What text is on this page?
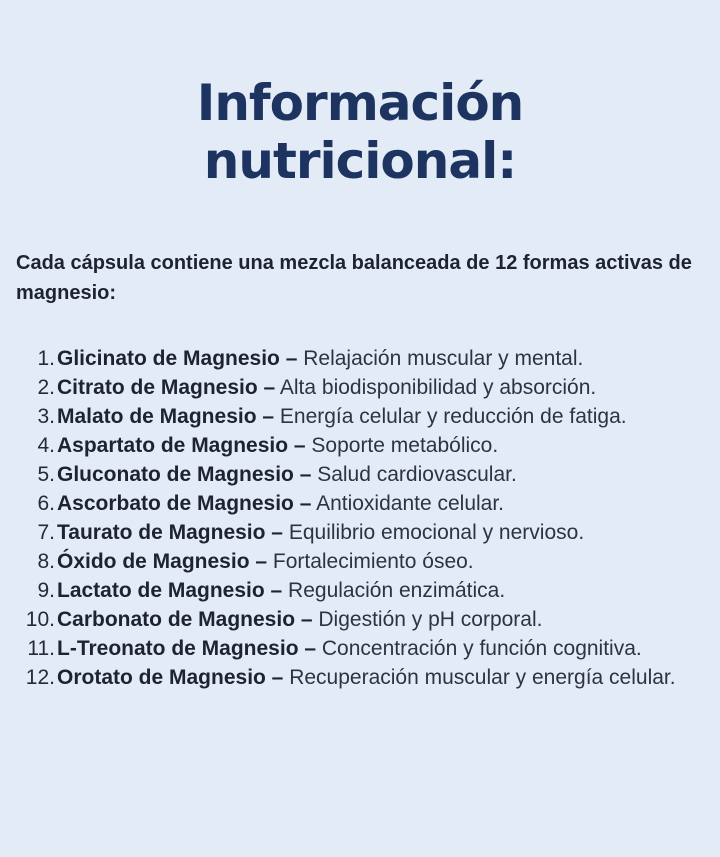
Información
nutricional:

Cada cápsula contiene una mezcla balanceada de 12 formas activas de magnesio:

1. Glicinato de Magnesio – Relajación muscular y mental.
2. Citrato de Magnesio – Alta biodisponibilidad y absorción.
3. Malato de Magnesio – Energía celular y reducción de fatiga.
4. Aspartato de Magnesio – Soporte metabólico.
5. Gluconato de Magnesio – Salud cardiovascular.
6. Ascorbato de Magnesio – Antioxidante celular.
7. Taurato de Magnesio – Equilibrio emocional y nervioso.
8. Óxido de Magnesio – Fortalecimiento óseo.
9. Lactato de Magnesio – Regulación enzimática.
10. Carbonato de Magnesio – Digestión y pH corporal.
11. L-Treonato de Magnesio – Concentración y función cognitiva.
12. Orotato de Magnesio – Recuperación muscular y energía celular.
